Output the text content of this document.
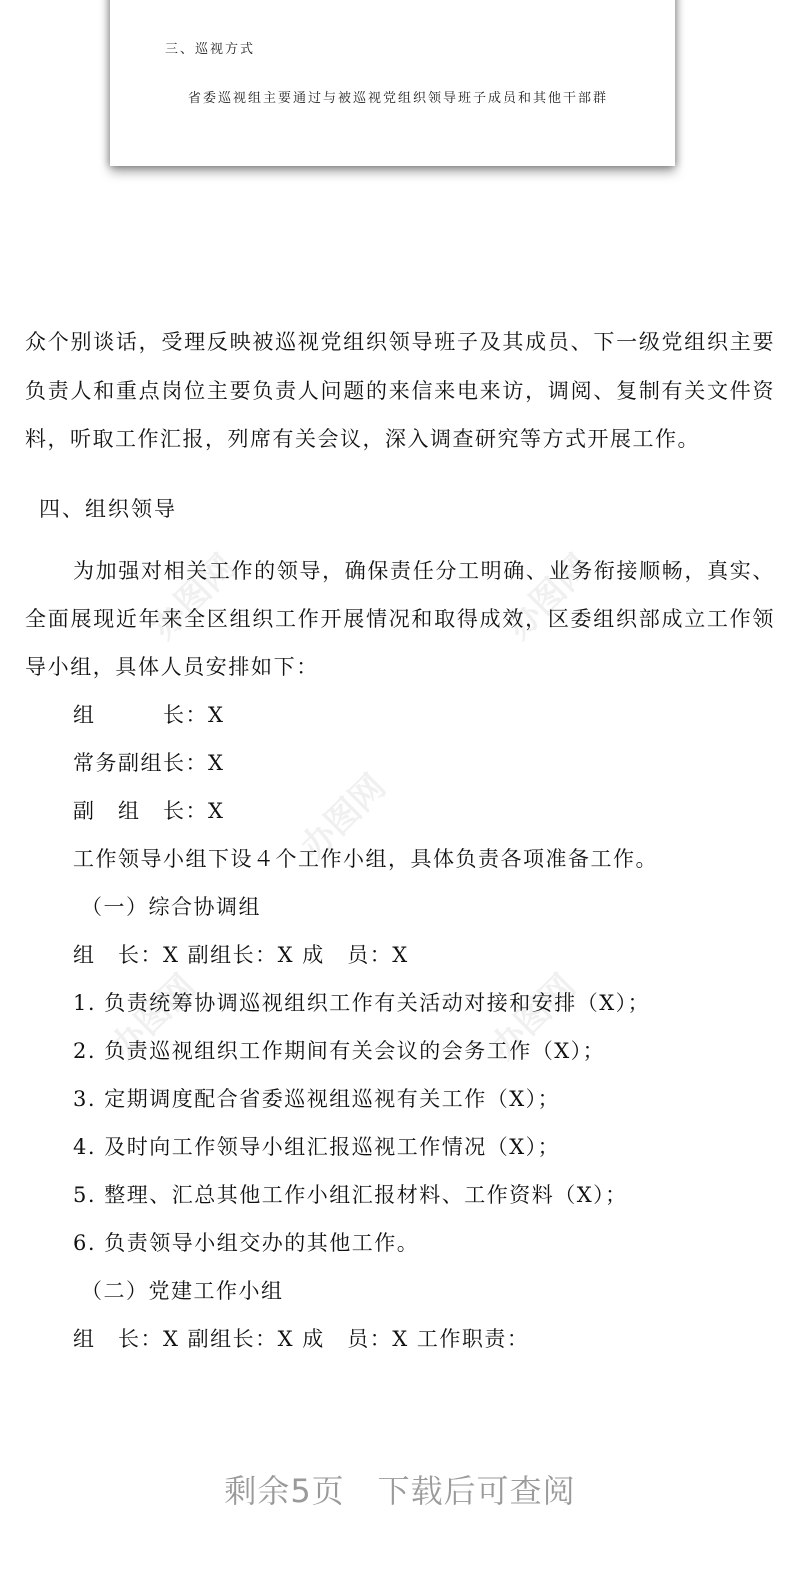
三、巡视方式
省委巡视组主要通过与被巡视党组织领导班子成员和其他干部群
办图网	办图网
办图网
办图网	办图网

众个别谈话，受理反映被巡视党组织领导班子及其成员、下一级党组织主要负责人和重点岗位主要负责人问题的来信来电来访，调阅、复制有关文件资料，听取工作汇报，列席有关会议，深入调查研究等方式开展工作。

四、组织领导

为加强对相关工作的领导，确保责任分工明确、业务衔接顺畅，真实、全面展现近年来全区组织工作开展情况和取得成效，区委组织部成立工作领导小组，具体人员安排如下：

组　　　长：X

常务副组长：X

副　组　长：X

工作领导小组下设４个工作小组，具体负责各项准备工作。

（一）综合协调组

组　长：X 副组长：X 成　员：X

1. 负责统筹协调巡视组织工作有关活动对接和安排（X）；

2. 负责巡视组织工作期间有关会议的会务工作（X）；

3. 定期调度配合省委巡视组巡视有关工作（X）；

4. 及时向工作领导小组汇报巡视工作情况（X）；

5. 整理、汇总其他工作小组汇报材料、工作资料（X）；

6. 负责领导小组交办的其他工作。

（二）党建工作小组

组　长：X 副组长：X 成　员：X 工作职责：

剩余5页　下载后可查阅
